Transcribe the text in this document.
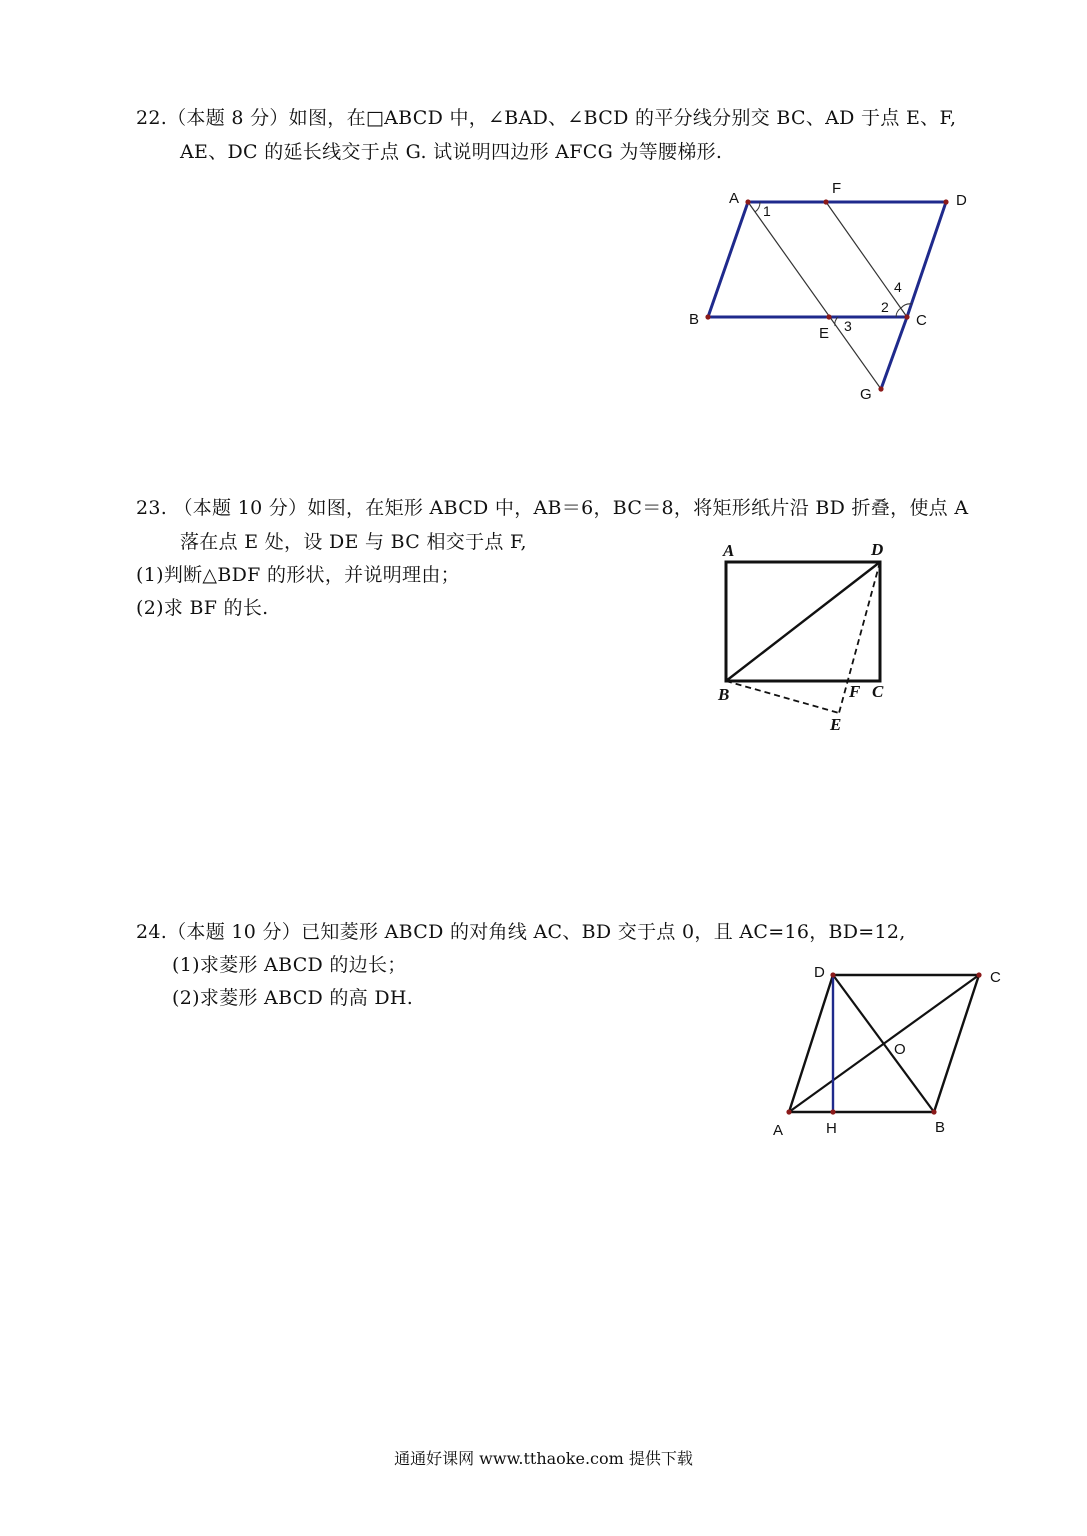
22.（本题 8 分）如图，在□ABCD 中，∠BAD、∠BCD 的平分线分别交 BC、AD 于点 E、F,
AE、DC 的延长线交于点 G. 试说明四边形 AFCG 为等腰梯形.
A
F
D
B
E
C
G
1
2
4
3
23. （本题 10 分）如图，在矩形 ABCD 中，AB＝6，BC＝8，将矩形纸片沿 BD 折叠，使点 A
落在点 E 处，设 DE 与 BC 相交于点 F,
(1)判断△BDF 的形状，并说明理由；
(2)求 BF 的长.
A	D
B	F C
E
24.（本题 10 分）已知菱形 ABCD 的对角线 AC、BD 交于点 0，且 AC=16，BD=12,
(1)求菱形 ABCD 的边长；
(2)求菱形 ABCD 的高 DH.
D	C
O
A	H	B
通通好课网 www.tthaoke.com 提供下载
